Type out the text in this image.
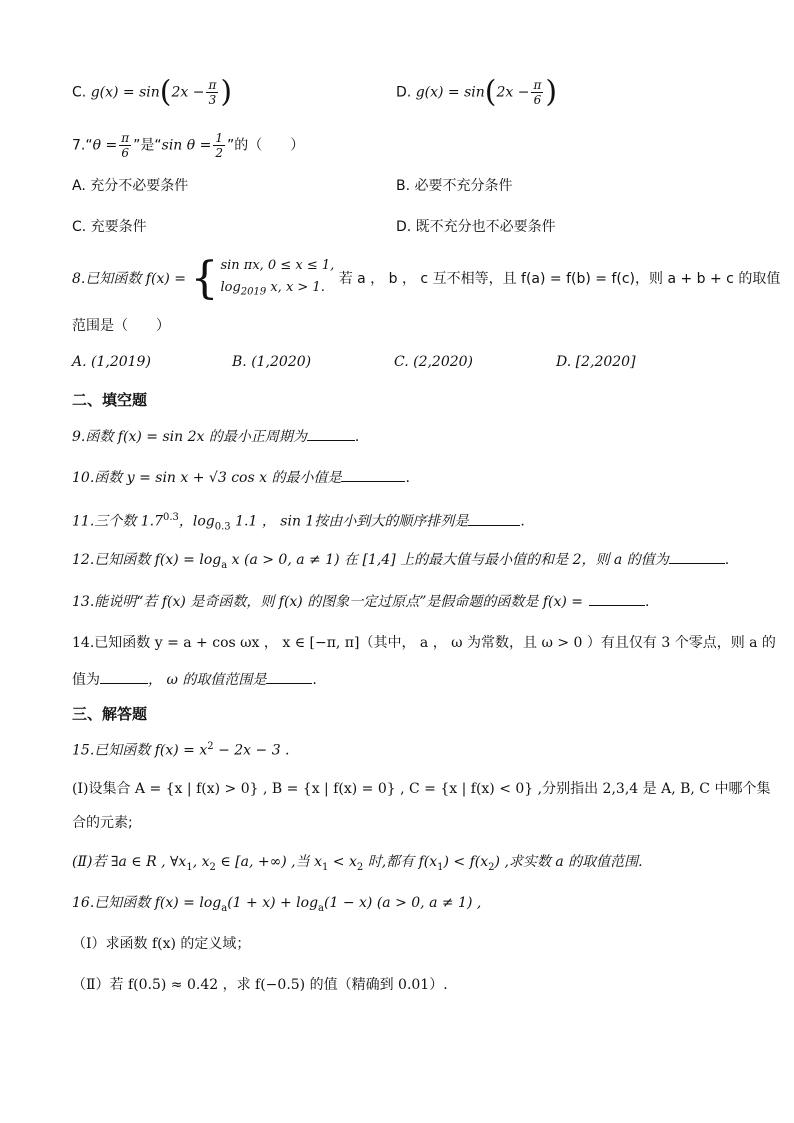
C. $g(x) = \sin(2x - \frac{\pi}{3}$ )	D. $g(x) = \sin(2x - \frac{\pi}{6}$ )
7.“θ = $\frac{\pi}{6}$ ”是“sin $\theta = \frac{1}{2}$ ”的（　　）
A. 充分不必要条件	B. 必要不充分条件
C. 充要条件	D. 既不充分也不必要条件
8.已知函数 f(x) = { sin πx, 0 ≤ x ≤ 1,
$\log_{2019} x$, x > 1.
若 a ， b ， c 互不相等，且 f(a) = f(b) = f(c)，则 a + b + c 的取值
范围是（　　）
A. (1,2019)	B. (1,2020)	C. (2,2020)	D. [2,2020]
二、填空题
9.函数 f(x) = sin 2x 的最小正周期为	.
10.函数 y = sin x + √3 cos x 的最小值是	.
11.三个数 $1.7^{0.3}$，$\log_{0.3} 1.1$ ， sin 1按由小到大的顺序排列是	.
12.已知函数 $f(x) = \log_a x$ (a > 0, a ≠ 1) 在 [1,4] 上的最大值与最小值的和是 2，则 a 的值为	.
13.能说明“若 f(x) 是奇函数，则 f(x) 的图象一定过原点”是假命题的函数是 f(x) =	.
14.已知函数 y = a + cos ωx ， x ∈ [−π, π]（其中， a ， ω 为常数，且 ω > 0 ）有且仅有 3 个零点，则 a 的
值为	， ω 的取值范围是	.
三、解答题
15.已知函数 $f(x) = x^2 - 2x - 3$ .
(Ⅰ)设集合 A = {x | f(x) > 0} , B = {x | f(x) = 0} , C = {x | f(x) < 0} ,分别指出 2,3,4 是 A, B, C 中哪个集
合的元素;
(Ⅱ)若 ∃a ∈ R , $\forall x_1$, $x_2$ ∈ [a, +∞) ,当 $x_1 < x_2$ 时,都有 $f(x_1) < f(x_2)$ ,求实数 a 的取值范围.
16.已知函数 $f(x) = \log_a(1 + x) + \log_a(1 - x) (a > 0$, a ≠ 1) ,
（Ⅰ）求函数 f(x) 的定义域；
（Ⅱ）若 f(0.5) ≈ 0.42 ，求 f(−0.5) 的值（精确到 0.01）.
